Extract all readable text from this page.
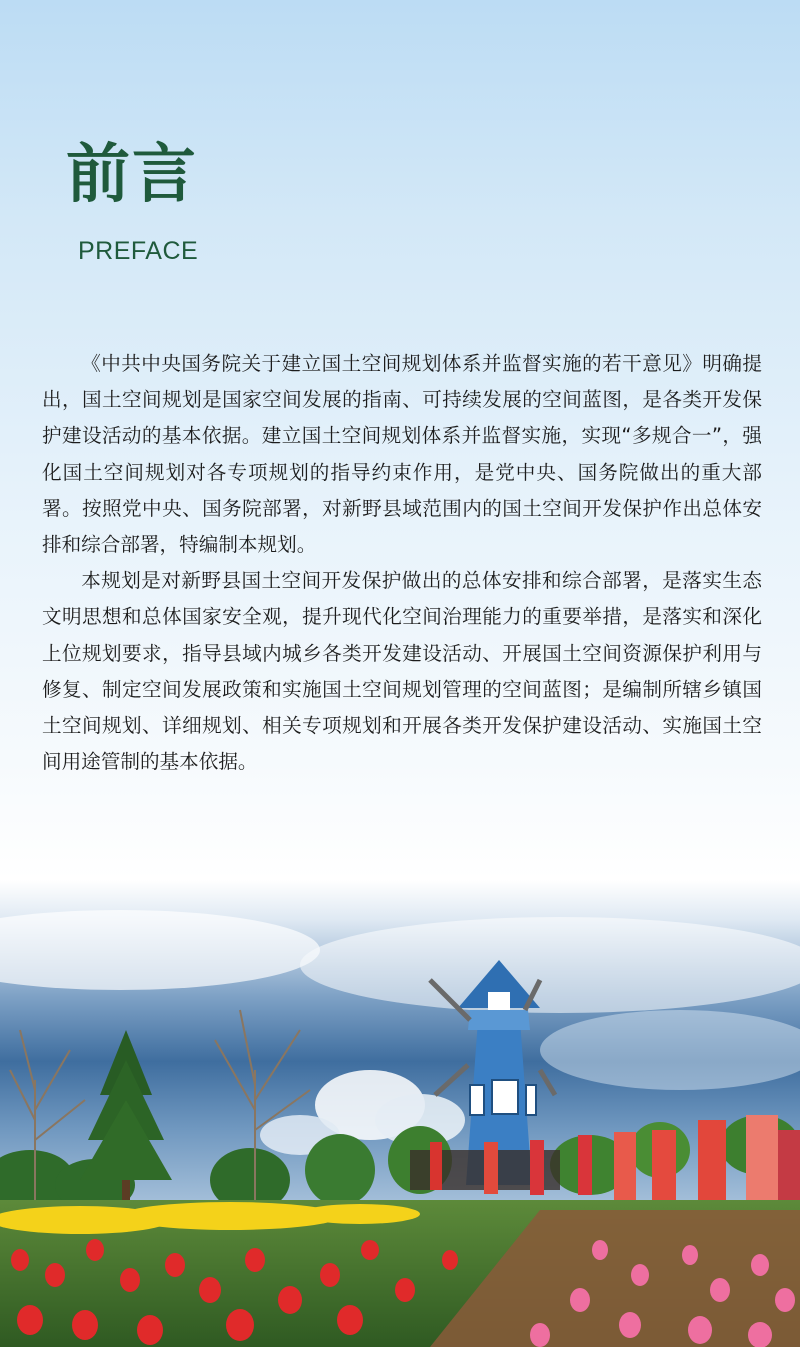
前言
PREFACE

《中共中央国务院关于建立国土空间规划体系并监督实施的若干意见》明确提出，国土空间规划是国家空间发展的指南、可持续发展的空间蓝图，是各类开发保护建设活动的基本依据。建立国土空间规划体系并监督实施，实现“多规合一”，强化国土空间规划对各专项规划的指导约束作用，是党中央、国务院做出的重大部署。按照党中央、国务院部署，对新野县域范围内的国土空间开发保护作出总体安排和综合部署，特编制本规划。

本规划是对新野县国土空间开发保护做出的总体安排和综合部署，是落实生态文明思想和总体国家安全观，提升现代化空间治理能力的重要举措，是落实和深化上位规划要求，指导县域内城乡各类开发建设活动、开展国土空间资源保护利用与修复、制定空间发展政策和实施国土空间规划管理的空间蓝图；是编制所辖乡镇国土空间规划、详细规划、相关专项规划和开展各类开发保护建设活动、实施国土空间用途管制的基本依据。
